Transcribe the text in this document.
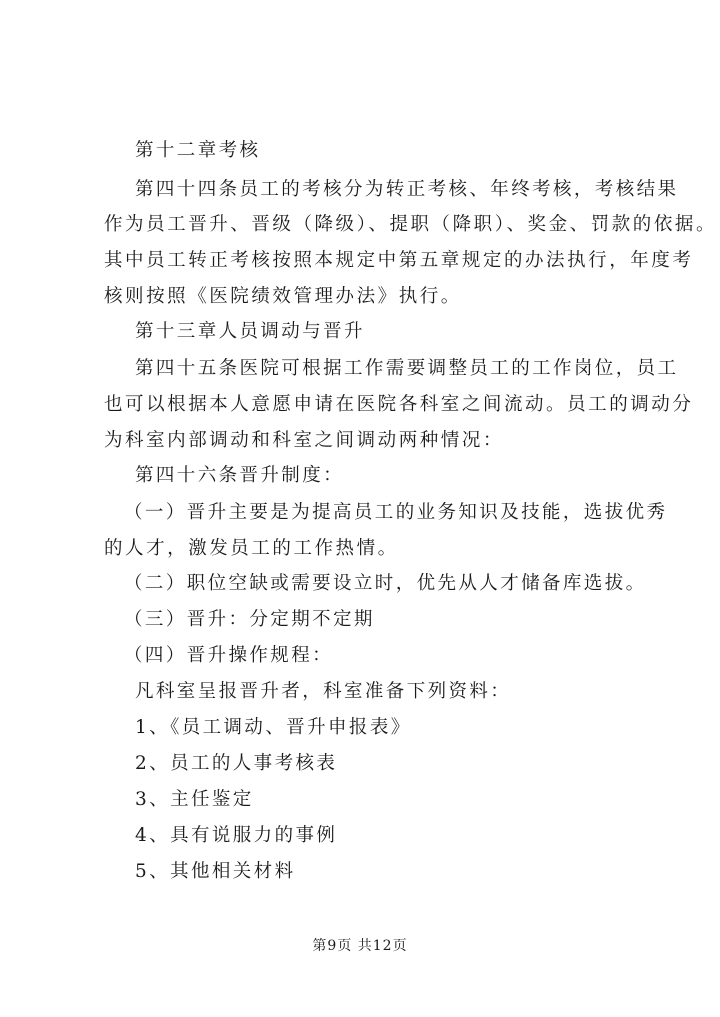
第十二章考核
第四十四条员工的考核分为转正考核、年终考核，考核结果
作为员工晋升、晋级（降级）、提职（降职）、奖金、罚款的依据。
其中员工转正考核按照本规定中第五章规定的办法执行，年度考
核则按照《医院绩效管理办法》执行。
第十三章人员调动与晋升
第四十五条医院可根据工作需要调整员工的工作岗位，员工
也可以根据本人意愿申请在医院各科室之间流动。员工的调动分
为科室内部调动和科室之间调动两种情况：
第四十六条晋升制度：
（一）晋升主要是为提高员工的业务知识及技能，选拔优秀
的人才，激发员工的工作热情。
（二）职位空缺或需要设立时，优先从人才储备库选拔。
（三）晋升：分定期不定期
（四）晋升操作规程：
凡科室呈报晋升者，科室准备下列资料：
1、《员工调动、晋升申报表》
2、员工的人事考核表
3、主任鉴定
4、具有说服力的事例
5、其他相关材料
第9页 共12页
